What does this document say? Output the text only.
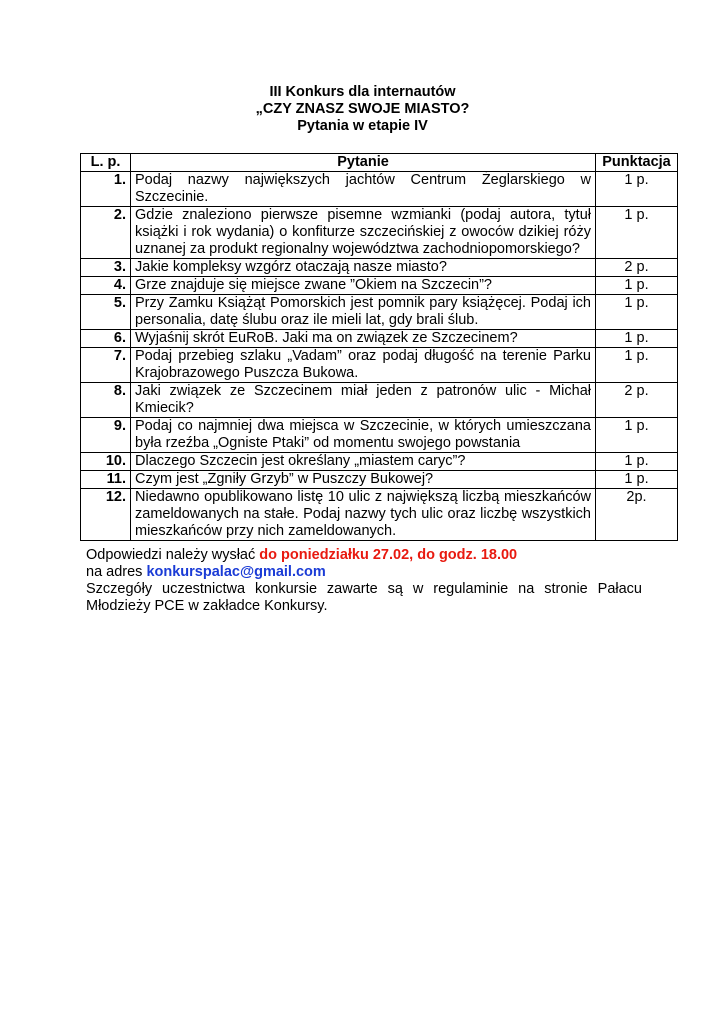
III Konkurs dla internautów
„CZY ZNASZ SWOJE MIASTO?
Pytania w etapie IV
L. p.	Pytanie	Punktacja
1.	Podaj nazwy największych jachtów Centrum Żeglarskiego w Szczecinie.	1 p.
2.	Gdzie znaleziono pierwsze pisemne wzmianki (podaj autora, tytuł książki i rok wydania) o konfiturze szczecińskiej z owoców dzikiej róży uznanej za produkt regionalny województwa zachodniopomorskiego?	1 p.
3.	Jakie kompleksy wzgórz otaczają nasze miasto?	2 p.
4.	Grze znajduje się miejsce zwane ”Okiem na Szczecin”?	1 p.
5.	Przy Zamku Książąt Pomorskich jest pomnik pary książęcej. Podaj ich personalia, datę ślubu oraz ile mieli lat, gdy brali ślub.	1 p.
6.	Wyjaśnij skrót EuRoB. Jaki ma on związek ze Szczecinem?	1 p.
7.	Podaj przebieg szlaku „Vadam” oraz podaj długość na terenie Parku Krajobrazowego Puszcza Bukowa.	1 p.
8.	Jaki związek ze Szczecinem miał jeden z patronów ulic - Michał Kmiecik?	2 p.
9.	Podaj co najmniej dwa miejsca w Szczecinie, w których umieszczana była rzeźba „Ogniste Ptaki” od momentu swojego powstania	1 p.
10.	Dlaczego Szczecin jest określany „miastem caryc”?	1 p.
11.	Czym jest „Zgniły Grzyb” w Puszczy Bukowej?	1 p.
12.	Niedawno opublikowano listę 10 ulic z największą liczbą mieszkańców zameldowanych na stałe. Podaj nazwy tych ulic oraz liczbę wszystkich mieszkańców przy nich zameldowanych.	2p.

Odpowiedzi należy wysłać do poniedziałku 27.02, do godz. 18.00

na adres konkurspalac@gmail.com

Szczegóły uczestnictwa konkursie zawarte są w regulaminie na stronie Pałacu Młodzieży PCE w zakładce Konkursy.
